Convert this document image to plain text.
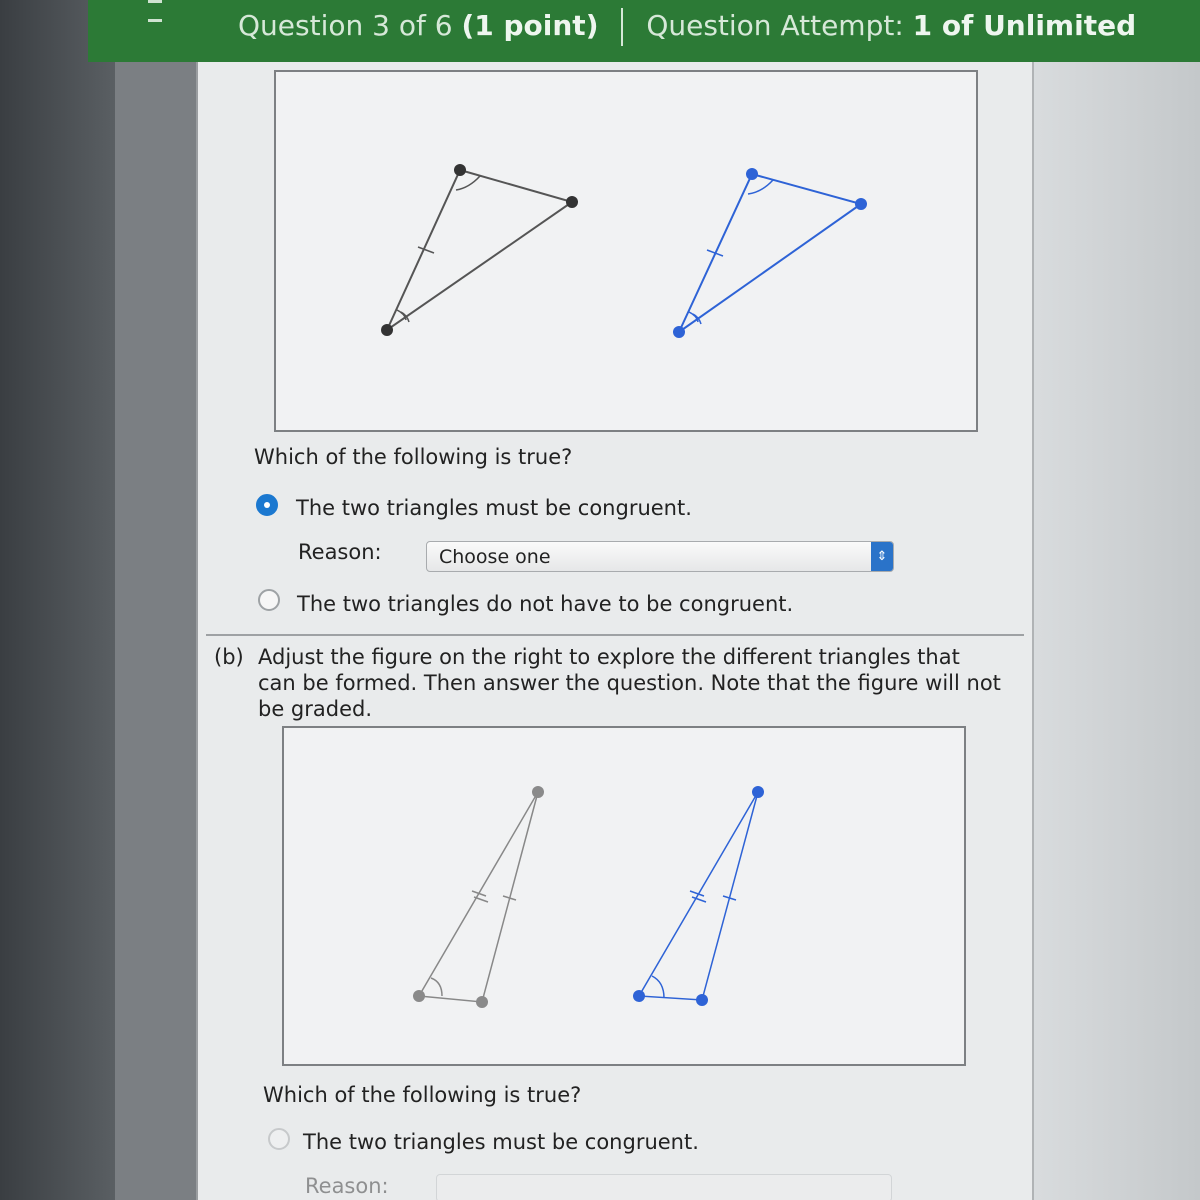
Question 3 of 6 (1 point) Question Attempt: 1 of Unlimited
Which of the following is true?
The two triangles must be congruent.
Reason:	Choose one	⇕
The two triangles do not have to be congruent.
(b) Adjust the figure on the right to explore the different triangles that can be formed. Then answer the question. Note that the figure will not be graded.
Which of the following is true?
The two triangles must be congruent.
Reason:
